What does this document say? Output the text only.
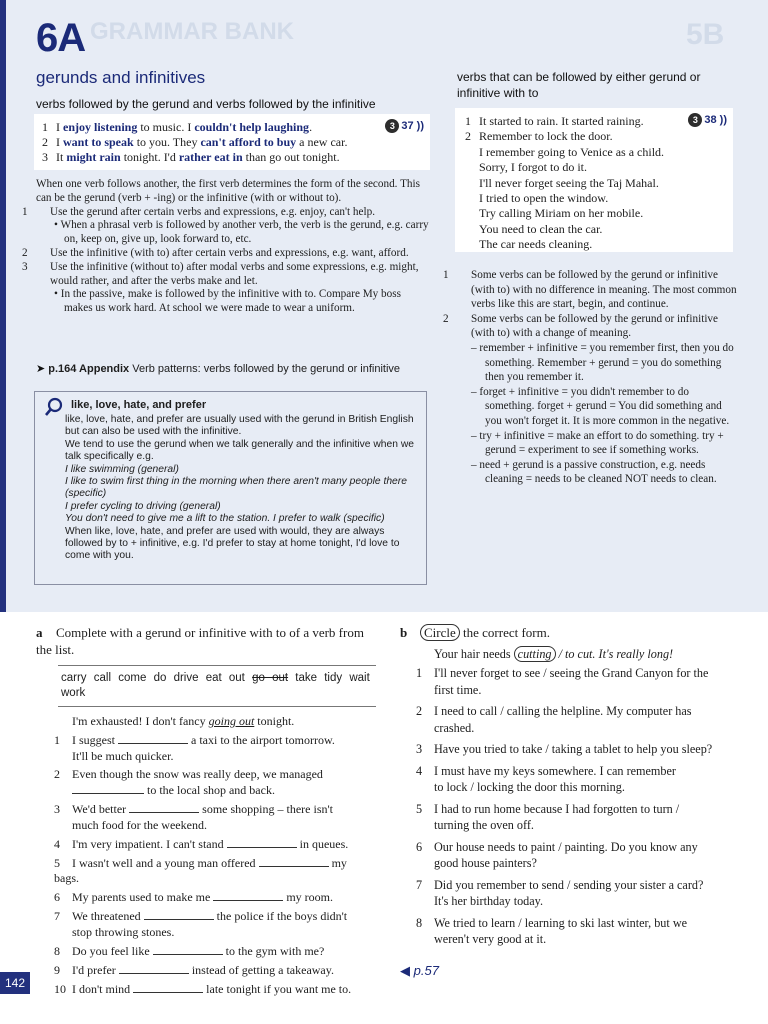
GRAMMAR BANK	5B
6A
gerunds and infinitives
verbs followed by the gerund and verbs followed by the infinitive
3 37 ))
1 I enjoy listening to music. I couldn't help laughing.
2 I want to speak to you. They can't afford to buy a new car.
3 It might rain tonight. I'd rather eat in than go out tonight.

When one verb follows another, the first verb determines the form of the second. This can be the gerund (verb + -ing) or the infinitive (with or without to).

1 Use the gerund after certain verbs and expressions, e.g. enjoy, can't help.

• When a phrasal verb is followed by another verb, the verb is the gerund, e.g. carry on, keep on, give up, look forward to, etc.

2 Use the infinitive (with to) after certain verbs and expressions, e.g. want, afford.

3 Use the infinitive (without to) after modal verbs and some expressions, e.g. might, would rather, and after the verbs make and let.

• In the passive, make is followed by the infinitive with to. Compare My boss makes us work hard. At school we were made to wear a uniform.

➤ p.164 Appendix Verb patterns: verbs followed by the gerund or infinitive
like, love, hate, and prefer

like, love, hate, and prefer are usually used with the gerund in British English but can also be used with the infinitive.

We tend to use the gerund when we talk generally and the infinitive when we talk specifically e.g.

I like swimming (general)

I like to swim first thing in the morning when there aren't many people there (specific)

I prefer cycling to driving (general)

You don't need to give me a lift to the station. I prefer to walk (specific)

When like, love, hate, and prefer are used with would, they are always followed by to + infinitive, e.g. I'd prefer to stay at home tonight, I'd love to come with you.

verbs that can be followed by either gerund or infinitive with to
3 38 ))
1 It started to rain. It started raining.
2 Remember to lock the door.
I remember going to Venice as a child.
Sorry, I forgot to do it.
I'll never forget seeing the Taj Mahal.
I tried to open the window.
Try calling Miriam on her mobile.
You need to clean the car.
The car needs cleaning.

1 Some verbs can be followed by the gerund or infinitive (with to) with no difference in meaning. The most common verbs like this are start, begin, and continue.

2 Some verbs can be followed by the gerund or infinitive (with to) with a change of meaning.

– remember + infinitive = you remember first, then you do something. Remember + gerund = you do something then you remember it.

– forget + infinitive = you didn't remember to do something. forget + gerund = You did something and you won't forget it. It is more common in the negative.

– try + infinitive = make an effort to do something. try + gerund = experiment to see if something works.

– need + gerund is a passive construction, e.g. needs cleaning = needs to be cleaned NOT needs to clean.

a Complete with a gerund or infinitive with to of a verb from the list.
carry call come do drive eat out go out take tidy wait work

I'm exhausted! I don't fancy going out tonight.

1 I suggest	a taxi to the airport tomorrow.
It'll be much quicker.

2 Even though the snow was really deep, we managed
to the local shop and back.

3 We'd better	some shopping – there isn't
much food for the weekend.

4 I'm very impatient. I can't stand	in queues.

5 I wasn't well and a young man offered	my bags.

6 My parents used to make me	my room.

7 We threatened	the police if the boys didn't
stop throwing stones.

8 Do you feel like	to the gym with me?

9 I'd prefer	instead of getting a takeaway.

10 I don't mind	late tonight if you want me to.

b Circle the correct form.

Your hair needs cutting / to cut. It's really long!

1 I'll never forget to see / seeing the Grand Canyon for the
first time.

2 I need to call / calling the helpline. My computer has
crashed.

3 Have you tried to take / taking a tablet to help you sleep?

4 I must have my keys somewhere. I can remember
to lock / locking the door this morning.

5 I had to run home because I had forgotten to turn /
turning the oven off.

6 Our house needs to paint / painting. Do you know any
good house painters?

7 Did you remember to send / sending your sister a card?
It's her birthday today.

8 We tried to learn / learning to ski last winter, but we
weren't very good at it.

◀ p.57
142
